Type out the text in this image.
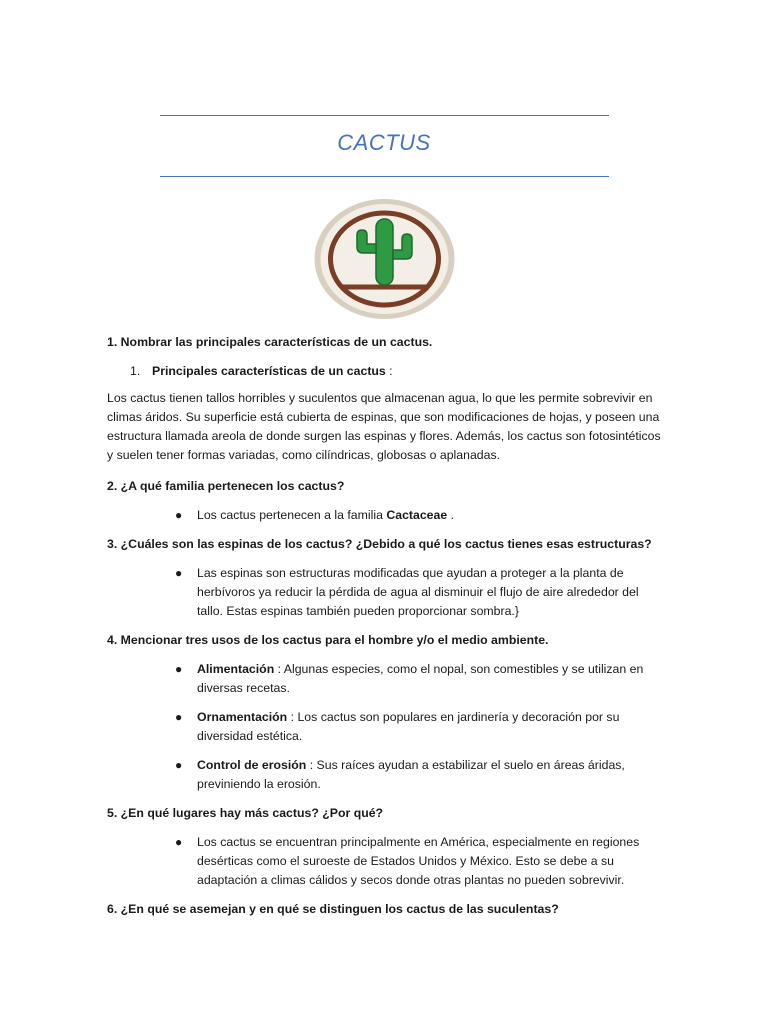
CACTUS
1. Nombrar las principales características de un cactus.
1. Principales características de un cactus :
Los cactus tienen tallos horribles y suculentos que almacenan agua, lo que les permite sobrevivir en climas áridos. Su superficie está cubierta de espinas, que son modificaciones de hojas, y poseen una estructura llamada areola de donde surgen las espinas y flores. Además, los cactus son fotosintéticos y suelen tener formas variadas, como cilíndricas, globosas o aplanadas.
2. ¿A qué familia pertenecen los cactus?
●	Los cactus pertenecen a la familia Cactaceae .
3. ¿Cuáles son las espinas de los cactus? ¿Debido a qué los cactus tienes esas estructuras?
●	Las espinas son estructuras modificadas que ayudan a proteger a la planta de herbívoros ya reducir la pérdida de agua al disminuir el flujo de aire alrededor del tallo. Estas espinas también pueden proporcionar sombra.}
4. Mencionar tres usos de los cactus para el hombre y/o el medio ambiente.
●	Alimentación : Algunas especies, como el nopal, son comestibles y se utilizan en diversas recetas.
●	Ornamentación : Los cactus son populares en jardinería y decoración por su diversidad estética.
●	Control de erosión : Sus raíces ayudan a estabilizar el suelo en áreas áridas, previniendo la erosión.
5. ¿En qué lugares hay más cactus? ¿Por qué?
●	Los cactus se encuentran principalmente en América, especialmente en regiones desérticas como el suroeste de Estados Unidos y México. Esto se debe a su adaptación a climas cálidos y secos donde otras plantas no pueden sobrevivir.
6. ¿En qué se asemejan y en qué se distinguen los cactus de las suculentas?
